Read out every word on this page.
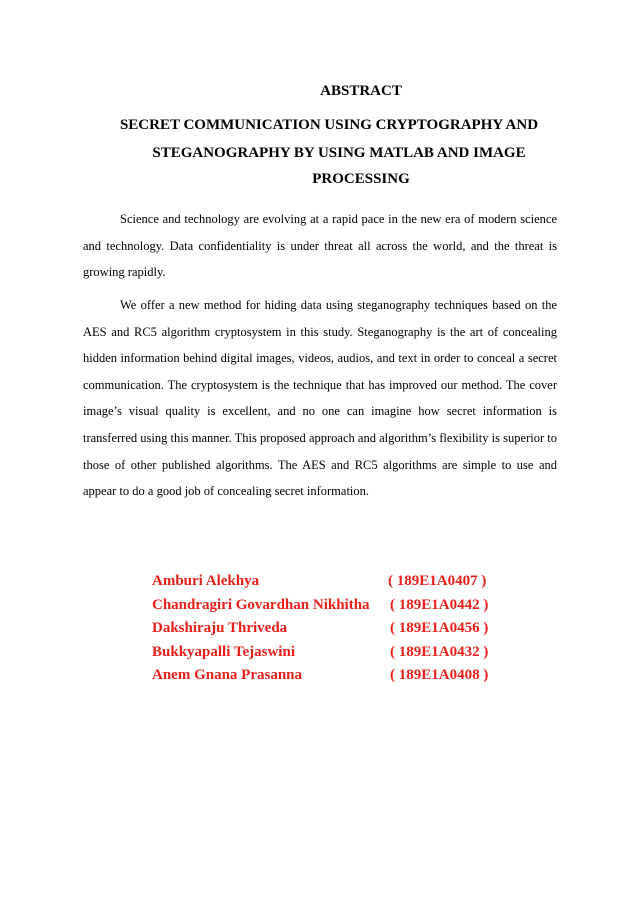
ABSTRACT
SECRET COMMUNICATION USING CRYPTOGRAPHY AND
STEGANOGRAPHY BY USING MATLAB AND IMAGE
PROCESSING

Science and technology are evolving at a rapid pace in the new era of modern science and technology. Data confidentiality is under threat all across the world, and the threat is growing rapidly.

We offer a new method for hiding data using steganography techniques based on the AES and RC5 algorithm cryptosystem in this study. Steganography is the art of concealing hidden information behind digital images, videos, audios, and text in order to conceal a secret communication. The cryptosystem is the technique that has improved our method. The cover image’s visual quality is excellent, and no one can imagine how secret information is transferred using this manner. This proposed approach and algorithm’s flexibility is superior to those of other published algorithms. The AES and RC5 algorithms are simple to use and appear to do a good job of concealing secret information.

Amburi Alekhya	( 189E1A0407 )
Chandragiri Govardhan Nikhitha ( 189E1A0442 )
Dakshiraju Thriveda	( 189E1A0456 )
Bukkyapalli Tejaswini	( 189E1A0432 )
Anem Gnana Prasanna	( 189E1A0408 )
